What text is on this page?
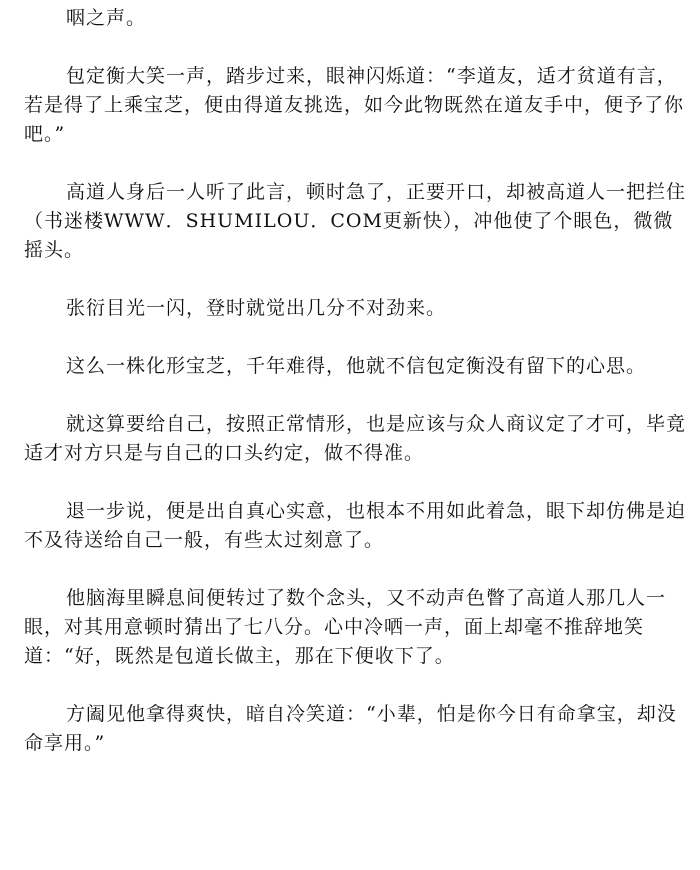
咽之声。

包定衡大笑一声，踏步过来，眼神闪烁道：“李道友，适才贫道有言，若是得了上乘宝芝，便由得道友挑选，如今此物既然在道友手中，便予了你吧。”

高道人身后一人听了此言，顿时急了，正要开口，却被高道人一把拦住（书迷楼WWW．SHUMILOU．COM更新快），冲他使了个眼色，微微摇头。

张衍目光一闪，登时就觉出几分不对劲来。

这么一株化形宝芝，千年难得，他就不信包定衡没有留下的心思。

就这算要给自己，按照正常情形，也是应该与众人商议定了才可，毕竟适才对方只是与自己的口头约定，做不得准。

退一步说，便是出自真心实意，也根本不用如此着急，眼下却仿佛是迫不及待送给自己一般，有些太过刻意了。

他脑海里瞬息间便转过了数个念头，又不动声色瞥了高道人那几人一眼，对其用意顿时猜出了七八分。心中冷哂一声，面上却毫不推辞地笑道：“好，既然是包道长做主，那在下便收下了。

方阖见他拿得爽快，暗自冷笑道：“小辈，怕是你今日有命拿宝，却没命享用。”
